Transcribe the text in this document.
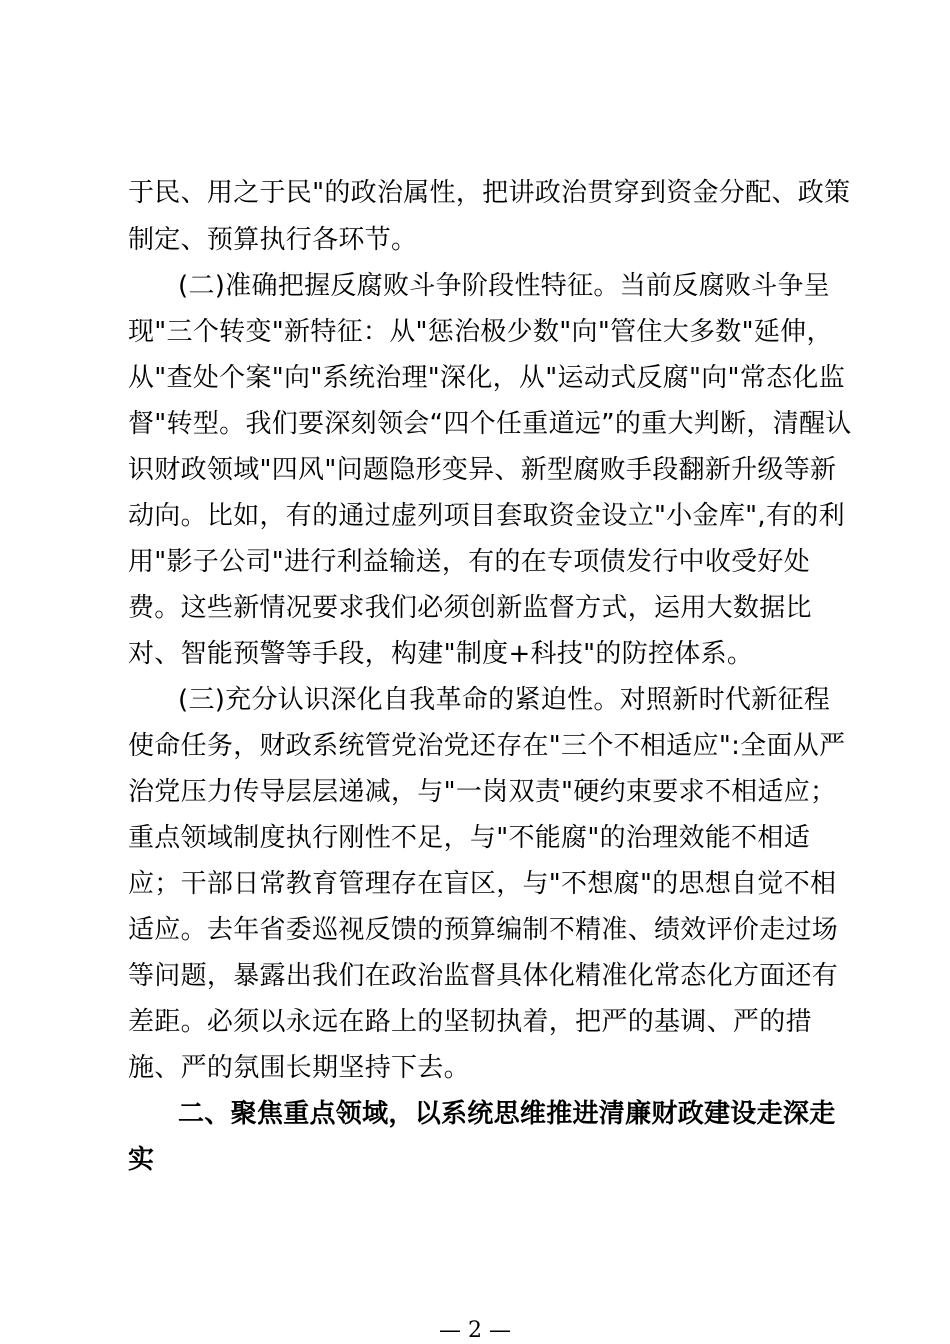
于民、用之于民"的政治属性，把讲政治贯穿到资金分配、政策
制定、预算执行各环节。
(二)准确把握反腐败斗争阶段性特征。当前反腐败斗争呈
现"三个转变"新特征：从"惩治极少数"向"管住大多数"延伸，
从"查处个案"向"系统治理"深化，从"运动式反腐"向"常态化监
督"转型。我们要深刻领会“四个任重道远”的重大判断，清醒认
识财政领域"四风"问题隐形变异、新型腐败手段翻新升级等新
动向。比如，有的通过虚列项目套取资金设立"小金库",有的利
用"影子公司"进行利益输送，有的在专项债发行中收受好处
费。这些新情况要求我们必须创新监督方式，运用大数据比
对、智能预警等手段，构建"制度+科技"的防控体系。
(三)充分认识深化自我革命的紧迫性。对照新时代新征程
使命任务，财政系统管党治党还存在"三个不相适应":全面从严
治党压力传导层层递减，与"一岗双责"硬约束要求不相适应；
重点领域制度执行刚性不足，与"不能腐"的治理效能不相适
应；干部日常教育管理存在盲区，与"不想腐"的思想自觉不相
适应。去年省委巡视反馈的预算编制不精准、绩效评价走过场
等问题，暴露出我们在政治监督具体化精准化常态化方面还有
差距。必须以永远在路上的坚韧执着，把严的基调、严的措
施、严的氛围长期坚持下去。
二、聚焦重点领域，以系统思维推进清廉财政建设走深走
实
— 2 —
